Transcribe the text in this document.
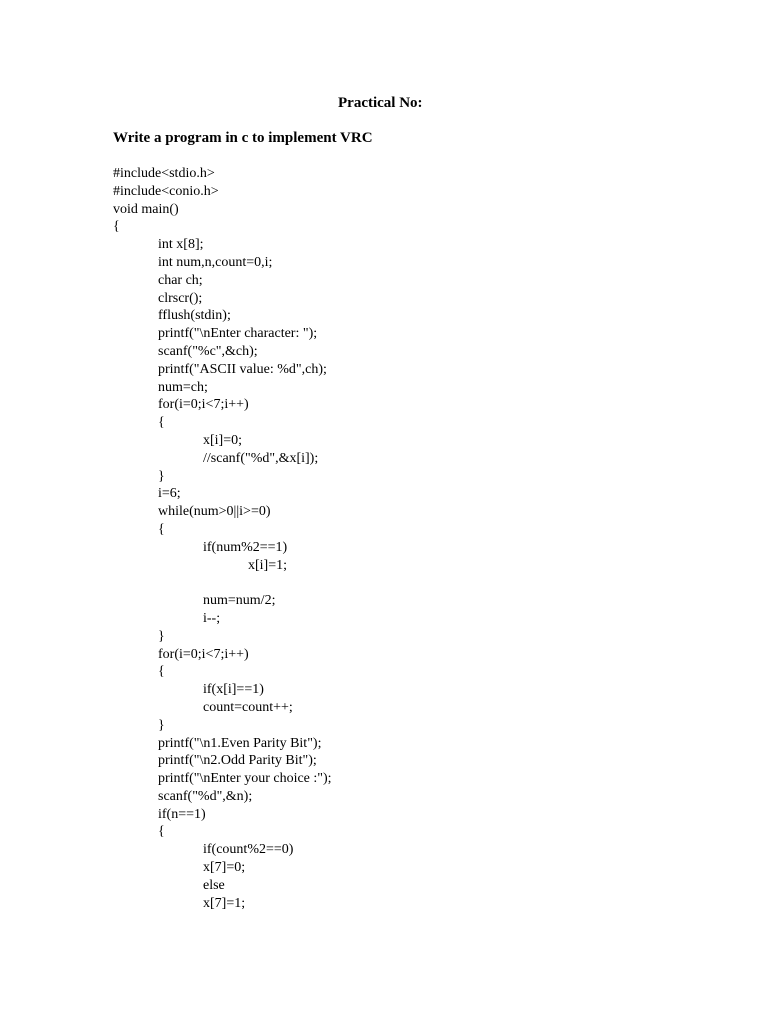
Practical No:
Write a program in c to implement VRC
#include<stdio.h>
#include<conio.h>
void main()
{
int x[8];
int num,n,count=0,i;
char ch;
clrscr();
fflush(stdin);
printf("\nEnter character: ");
scanf("%c",&ch);
printf("ASCII value: %d",ch);
num=ch;
for(i=0;i<7;i++)
{
x[i]=0;
//scanf("%d",&x[i]);
}
i=6;
while(num>0||i>=0)
{
if(num%2==1)
x[i]=1;
num=num/2;
i--;
}
for(i=0;i<7;i++)
{
if(x[i]==1)
count=count++;
}
printf("\n1.Even Parity Bit");
printf("\n2.Odd Parity Bit");
printf("\nEnter your choice :");
scanf("%d",&n);
if(n==1)
{
if(count%2==0)
x[7]=0;
else
x[7]=1;
